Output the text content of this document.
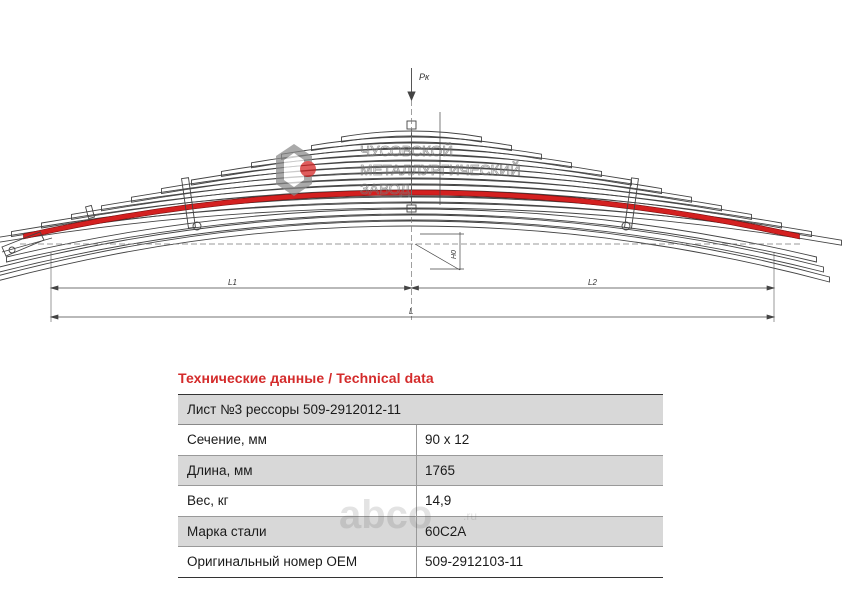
Pк
H0
L1	L2
L
ЧУСОВСКОЙ
МЕТАЛЛУРГИЧЕСКИЙ
ЗАВОД
Технические данные / Technical data
Лист №3 рессоры 509-2912012-11
Сечение, мм	90 х 12
Длина, мм	1765
Вес, кг	14,9
Марка стали	60С2А
Оригинальный номер OEM	509-2912103-11
abco
